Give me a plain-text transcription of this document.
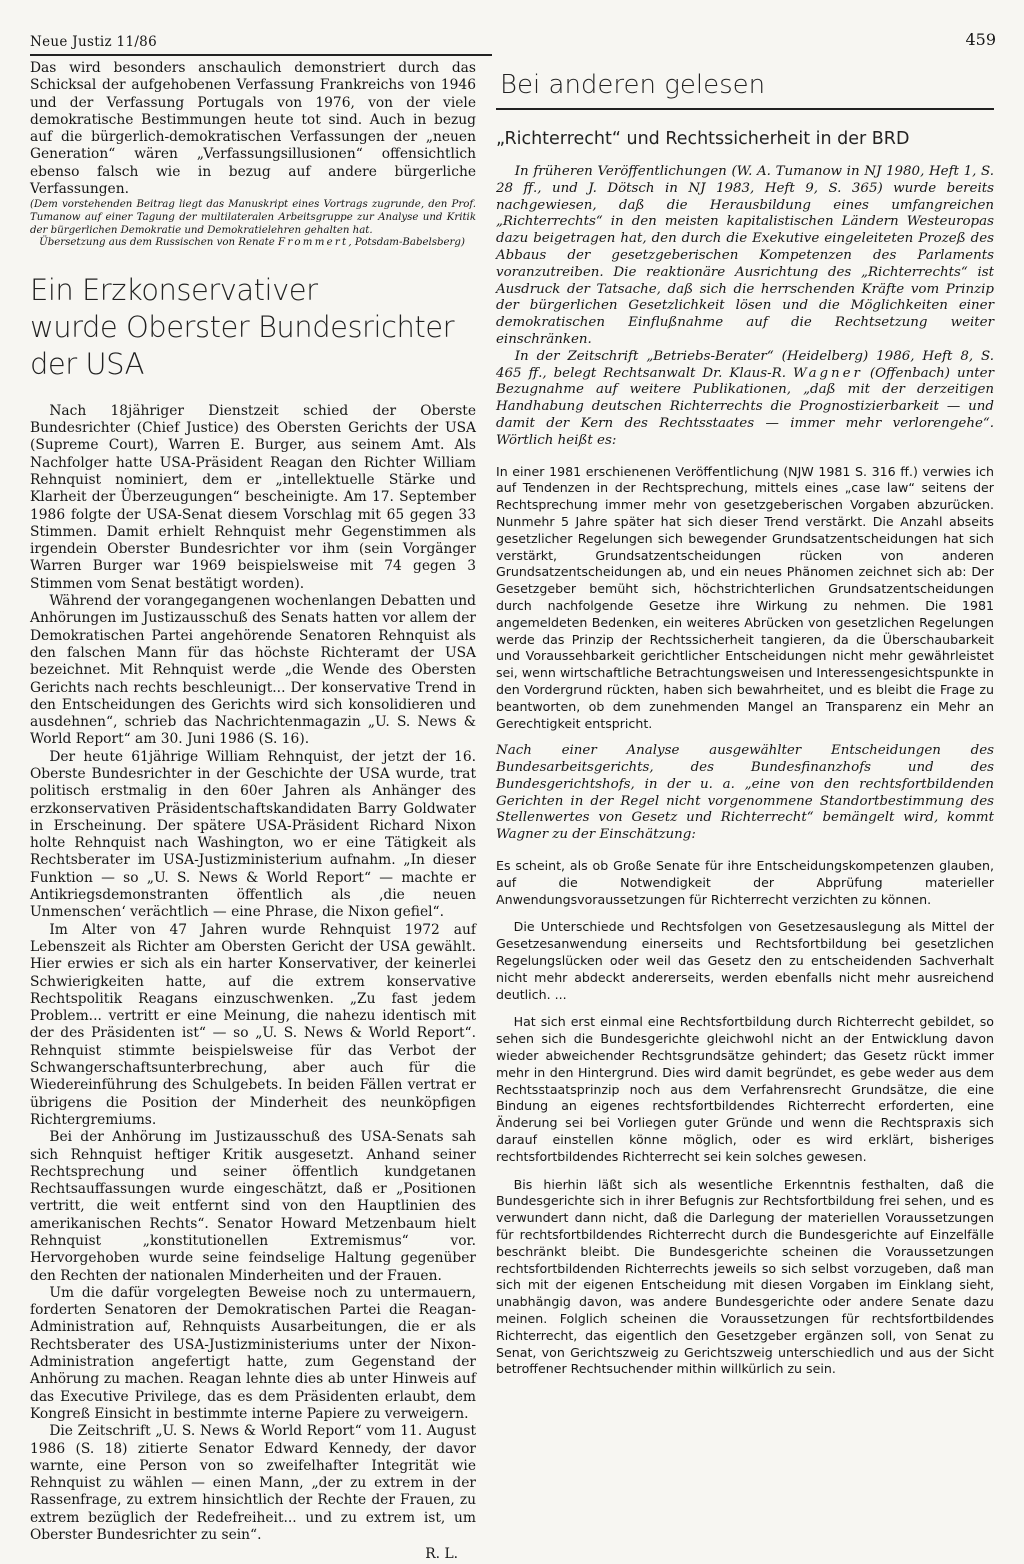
Neue Justiz 11/86	459

Das wird besonders anschaulich demonstriert durch das Schicksal der aufgehobenen Verfassung Frankreichs von 1946 und der Verfassung Portugals von 1976, von der viele demokratische Bestimmungen heute tot sind. Auch in bezug auf die bürgerlich-demokratischen Verfassungen der „neuen Generation“ wären „Verfassungsillusionen“ offensichtlich ebenso falsch wie in bezug auf andere bürgerliche Verfassungen.

(Dem vorstehenden Beitrag liegt das Manuskript eines Vortrags zugrunde, den Prof. Tumanow auf einer Tagung der multilateralen Arbeitsgruppe zur Analyse und Kritik der bürgerlichen Demokratie und Demokratielehren gehalten hat.

Übersetzung aus dem Russischen von Renate Frommert, Potsdam-Babelsberg)

Ein Erzkonservativer
wurde Oberster Bundesrichter der USA

Nach 18jähriger Dienstzeit schied der Oberste Bundesrichter (Chief Justice) des Obersten Gerichts der USA (Supreme Court), Warren E. Burger, aus seinem Amt. Als Nachfolger hatte USA-Präsident Reagan den Richter William Rehnquist nominiert, dem er „intellektuelle Stärke und Klarheit der Überzeugungen“ bescheinigte. Am 17. September 1986 folgte der USA-Senat diesem Vorschlag mit 65 gegen 33 Stimmen. Damit erhielt Rehnquist mehr Gegenstimmen als irgendein Oberster Bundesrichter vor ihm (sein Vorgänger Warren Burger war 1969 beispielsweise mit 74 gegen 3 Stimmen vom Senat bestätigt worden).

Während der vorangegangenen wochenlangen Debatten und Anhörungen im Justizausschuß des Senats hatten vor allem der Demokratischen Partei angehörende Senatoren Rehnquist als den falschen Mann für das höchste Richteramt der USA bezeichnet. Mit Rehnquist werde „die Wende des Obersten Gerichts nach rechts beschleunigt... Der konservative Trend in den Entscheidungen des Gerichts wird sich konsolidieren und ausdehnen“, schrieb das Nachrichtenmagazin „U. S. News & World Report“ am 30. Juni 1986 (S. 16).

Der heute 61jährige William Rehnquist, der jetzt der 16. Oberste Bundesrichter in der Geschichte der USA wurde, trat politisch erstmalig in den 60er Jahren als Anhänger des erzkonservativen Präsidentschaftskandidaten Barry Goldwater in Erscheinung. Der spätere USA-Präsident Richard Nixon holte Rehnquist nach Washington, wo er eine Tätigkeit als Rechtsberater im USA-Justizministerium aufnahm. „In dieser Funktion — so „U. S. News & World Report“ — machte er Antikriegsdemonstranten öffentlich als ‚die neuen Unmenschen‘ verächtlich — eine Phrase, die Nixon gefiel“.

Im Alter von 47 Jahren wurde Rehnquist 1972 auf Lebenszeit als Richter am Obersten Gericht der USA gewählt. Hier erwies er sich als ein harter Konservativer, der keinerlei Schwierigkeiten hatte, auf die extrem konservative Rechtspolitik Reagans einzuschwenken. „Zu fast jedem Problem... vertritt er eine Meinung, die nahezu identisch mit der des Präsidenten ist“ — so „U. S. News & World Report“. Rehnquist stimmte beispielsweise für das Verbot der Schwangerschaftsunterbrechung, aber auch für die Wiedereinführung des Schulgebets. In beiden Fällen vertrat er übrigens die Position der Minderheit des neunköpfigen Richtergremiums.

Bei der Anhörung im Justizausschuß des USA-Senats sah sich Rehnquist heftiger Kritik ausgesetzt. Anhand seiner Rechtsprechung und seiner öffentlich kundgetanen Rechtsauffassungen wurde eingeschätzt, daß er „Positionen vertritt, die weit entfernt sind von den Hauptlinien des amerikanischen Rechts“. Senator Howard Metzenbaum hielt Rehnquist „konstitutionellen Extremismus“ vor. Hervorgehoben wurde seine feindselige Haltung gegenüber den Rechten der nationalen Minderheiten und der Frauen.

Um die dafür vorgelegten Beweise noch zu untermauern, forderten Senatoren der Demokratischen Partei die Reagan-Administration auf, Rehnquists Ausarbeitungen, die er als Rechtsberater des USA-Justizministeriums unter der Nixon-Administration angefertigt hatte, zum Gegenstand der Anhörung zu machen. Reagan lehnte dies ab unter Hinweis auf das Executive Privilege, das es dem Präsidenten erlaubt, dem Kongreß Einsicht in bestimmte interne Papiere zu verweigern.

Die Zeitschrift „U. S. News & World Report“ vom 11. August 1986 (S. 18) zitierte Senator Edward Kennedy, der davor warnte, eine Person von so zweifelhafter Integrität wie Rehnquist zu wählen — einen Mann, „der zu extrem in der Rassenfrage, zu extrem hinsichtlich der Rechte der Frauen, zu extrem bezüglich der Redefreiheit... und zu extrem ist, um Oberster Bundesrichter zu sein“.

R. L.
Bei anderen gelesen
„Richterrecht“ und Rechtssicherheit in der BRD

In früheren Veröffentlichungen (W. A. Tumanow in NJ 1980, Heft 1, S. 28 ff., und J. Dötsch in NJ 1983, Heft 9, S. 365) wurde bereits nachgewiesen, daß die Herausbildung eines umfangreichen „Richterrechts“ in den meisten kapitalistischen Ländern Westeuropas dazu beigetragen hat, den durch die Exekutive eingeleiteten Prozeß des Abbaus der gesetzgeberischen Kompetenzen des Parlaments voranzutreiben. Die reaktionäre Ausrichtung des „Richterrechts“ ist Ausdruck der Tatsache, daß sich die herrschenden Kräfte vom Prinzip der bürgerlichen Gesetzlichkeit lösen und die Möglichkeiten einer demokratischen Einflußnahme auf die Rechtsetzung weiter einschränken.

In der Zeitschrift „Betriebs-Berater“ (Heidelberg) 1986, Heft 8, S. 465 ff., belegt Rechtsanwalt Dr. Klaus-R. Wagner (Offenbach) unter Bezugnahme auf weitere Publikationen, „daß mit der derzeitigen Handhabung deutschen Richterrechts die Prognostizierbarkeit — und damit der Kern des Rechtsstaates — immer mehr verlorengehe“. Wörtlich heißt es:

In einer 1981 erschienenen Veröffentlichung (NJW 1981 S. 316 ff.) verwies ich auf Tendenzen in der Rechtsprechung, mittels eines „case law“ seitens der Rechtsprechung immer mehr von gesetzgeberischen Vorgaben abzurücken. Nunmehr 5 Jahre später hat sich dieser Trend verstärkt. Die Anzahl abseits gesetzlicher Regelungen sich bewegender Grundsatzentscheidungen hat sich verstärkt, Grundsatzentscheidungen rücken von anderen Grundsatzentscheidungen ab, und ein neues Phänomen zeichnet sich ab: Der Gesetzgeber bemüht sich, höchstrichterlichen Grundsatzentscheidungen durch nachfolgende Gesetze ihre Wirkung zu nehmen. Die 1981 angemeldeten Bedenken, ein weiteres Abrücken von gesetzlichen Regelungen werde das Prinzip der Rechtssicherheit tangieren, da die Überschaubarkeit und Voraussehbarkeit gerichtlicher Entscheidungen nicht mehr gewährleistet sei, wenn wirtschaftliche Betrachtungsweisen und Interessengesichtspunkte in den Vordergrund rückten, haben sich bewahrheitet, und es bleibt die Frage zu beantworten, ob dem zunehmenden Mangel an Transparenz ein Mehr an Gerechtigkeit entspricht.

Nach einer Analyse ausgewählter Entscheidungen des Bundesarbeitsgerichts, des Bundesfinanzhofs und des Bundesgerichtshofs, in der u. a. „eine von den rechtsfortbildenden Gerichten in der Regel nicht vorgenommene Standortbestimmung des Stellenwertes von Gesetz und Richterrecht“ bemängelt wird, kommt Wagner zu der Einschätzung:

Es scheint, als ob Große Senate für ihre Entscheidungskompetenzen glauben, auf die Notwendigkeit der Abprüfung materieller Anwendungsvoraussetzungen für Richterrecht verzichten zu können.

Die Unterschiede und Rechtsfolgen von Gesetzesauslegung als Mittel der Gesetzesanwendung einerseits und Rechtsfortbildung bei gesetzlichen Regelungslücken oder weil das Gesetz den zu entscheidenden Sachverhalt nicht mehr abdeckt andererseits, werden ebenfalls nicht mehr ausreichend deutlich. ...

Hat sich erst einmal eine Rechtsfortbildung durch Richterrecht gebildet, so sehen sich die Bundesgerichte gleichwohl nicht an der Entwicklung davon wieder abweichender Rechtsgrundsätze gehindert; das Gesetz rückt immer mehr in den Hintergrund. Dies wird damit begründet, es gebe weder aus dem Rechtsstaatsprinzip noch aus dem Verfahrensrecht Grundsätze, die eine Bindung an eigenes rechtsfortbildendes Richterrecht erforderten, eine Änderung sei bei Vorliegen guter Gründe und wenn die Rechtspraxis sich darauf einstellen könne möglich, oder es wird erklärt, bisheriges rechtsfortbildendes Richterrecht sei kein solches gewesen.

Bis hierhin läßt sich als wesentliche Erkenntnis festhalten, daß die Bundesgerichte sich in ihrer Befugnis zur Rechtsfortbildung frei sehen, und es verwundert dann nicht, daß die Darlegung der materiellen Voraussetzungen für rechtsfortbildendes Richterrecht durch die Bundesgerichte auf Einzelfälle beschränkt bleibt. Die Bundesgerichte scheinen die Voraussetzungen rechtsfortbildenden Richterrechts jeweils so sich selbst vorzugeben, daß man sich mit der eigenen Entscheidung mit diesen Vorgaben im Einklang sieht, unabhängig davon, was andere Bundesgerichte oder andere Senate dazu meinen. Folglich scheinen die Voraussetzungen für rechtsfortbildendes Richterrecht, das eigentlich den Gesetzgeber ergänzen soll, von Senat zu Senat, von Gerichtszweig zu Gerichtszweig unterschiedlich und aus der Sicht betroffener Rechtsuchender mithin willkürlich zu sein.
